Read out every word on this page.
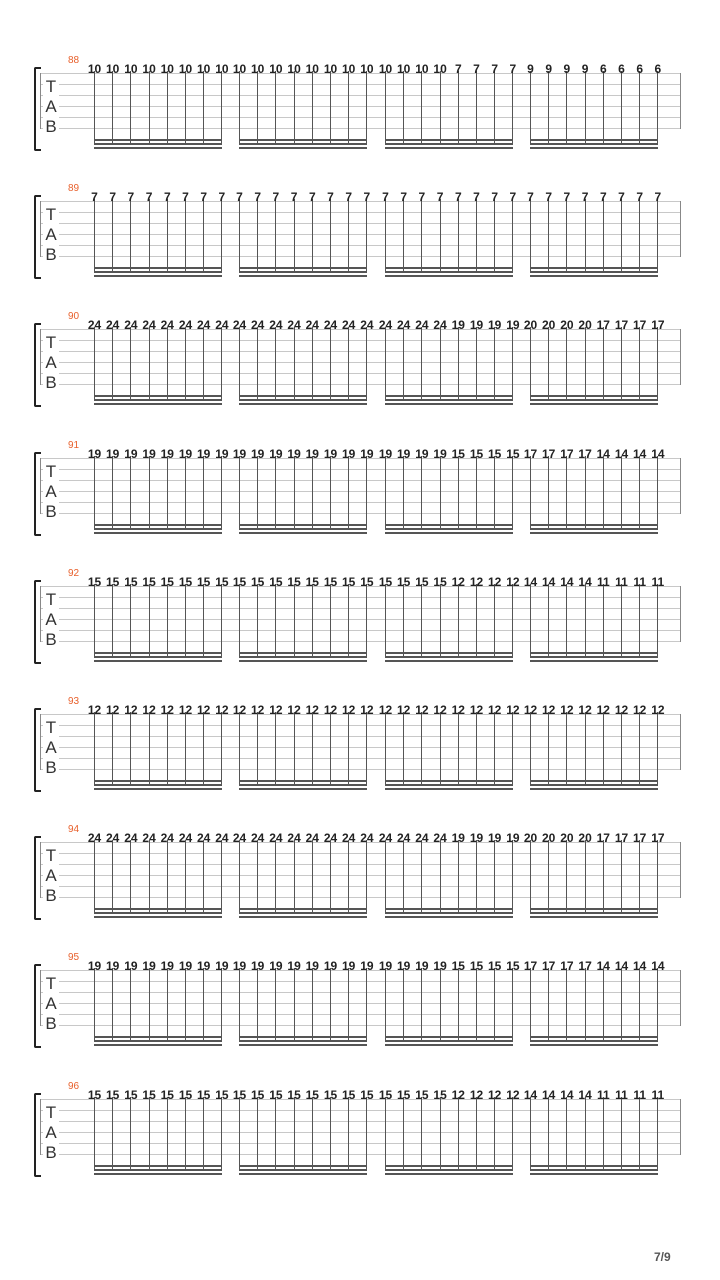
88
T
A
B
10 10 10 10 10 10 10 10 10 10 10 10 10 10 10 10 10 10 10 10 7 7 7 7 9 9 9 9 6 6 6 6
89
T
A
B
7 7 7 7 7 7 7 7 7 7 7 7 7 7 7 7 7 7 7 7 7 7 7 7 7 7 7 7 7 7 7 7
90
T
A
B
24 24 24 24 24 24 24 24 24 24 24 24 24 24 24 24 24 24 24 24 19 19 19 19 20 20 20 20 17 17 17 17
91
T
A
B
19 19 19 19 19 19 19 19 19 19 19 19 19 19 19 19 19 19 19 19 15 15 15 15 17 17 17 17 14 14 14 14
92
T
A
B
15 15 15 15 15 15 15 15 15 15 15 15 15 15 15 15 15 15 15 15 12 12 12 12 14 14 14 14 11 11 11 11
93
T
A
B
12 12 12 12 12 12 12 12 12 12 12 12 12 12 12 12 12 12 12 12 12 12 12 12 12 12 12 12 12 12 12 12
94
T
A
B
24 24 24 24 24 24 24 24 24 24 24 24 24 24 24 24 24 24 24 24 19 19 19 19 20 20 20 20 17 17 17 17
95
T
A
B
19 19 19 19 19 19 19 19 19 19 19 19 19 19 19 19 19 19 19 19 15 15 15 15 17 17 17 17 14 14 14 14
96
T
A
B
15 15 15 15 15 15 15 15 15 15 15 15 15 15 15 15 15 15 15 15 12 12 12 12 14 14 14 14 11 11 11 11
7/9
